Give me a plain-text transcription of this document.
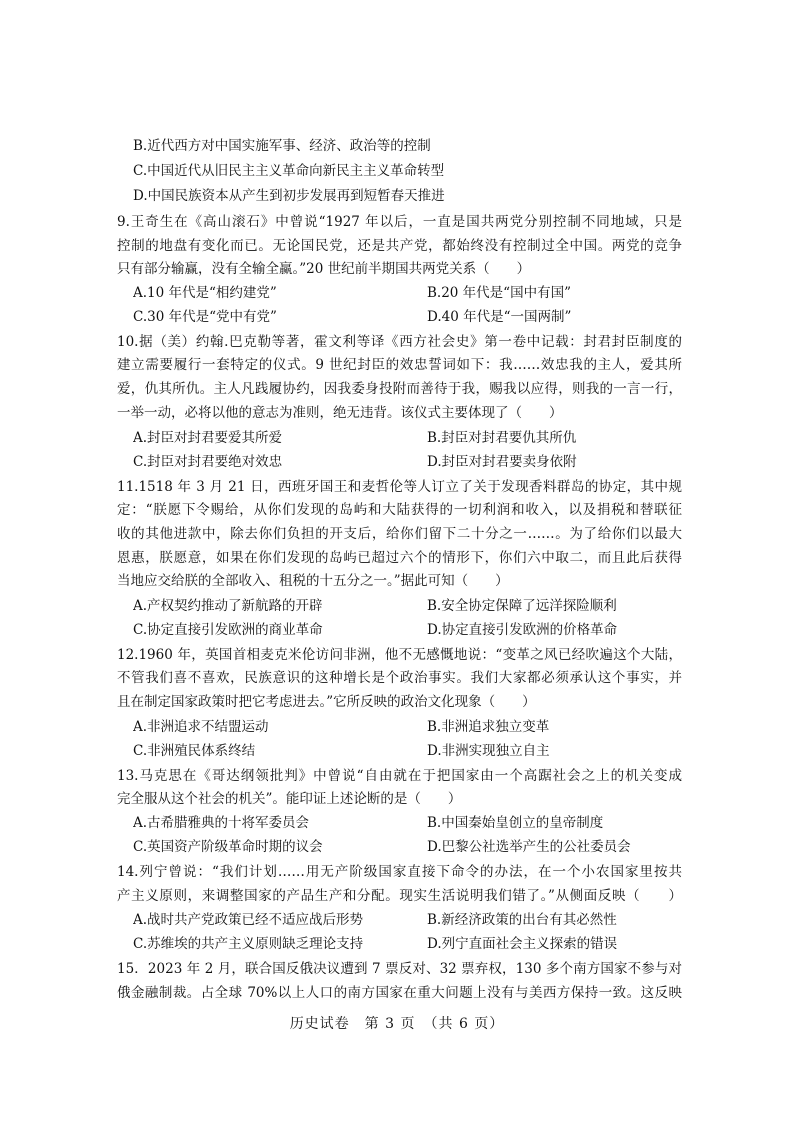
B.近代西方对中国实施军事、经济、政治等的控制
C.中国近代从旧民主主义革命向新民主主义革命转型
D.中国民族资本从产生到初步发展再到短暂春天推进
9.王奇生在《高山滚石》中曾说“1927 年以后，一直是国共两党分别控制不同地域，只是
控制的地盘有变化而已。无论国民党，还是共产党，都始终没有控制过全中国。两党的竞争
只有部分输赢，没有全输全赢。”20 世纪前半期国共两党关系（　　）
A.10 年代是“相约建党”	B.20 年代是“国中有国”
C.30 年代是“党中有党”	D.40 年代是“一国两制”
10.据（美）约翰.巴克勒等著，霍文利等译《西方社会史》第一卷中记载：封君封臣制度的
建立需要履行一套特定的仪式。9 世纪封臣的效忠誓词如下：我……效忠我的主人，爱其所
爱，仇其所仇。主人凡践履协约，因我委身投附而善待于我，赐我以应得，则我的一言一行，
一举一动，必将以他的意志为准则，绝无违背。该仪式主要体现了（　　）
A.封臣对封君要爱其所爱	B.封臣对封君要仇其所仇
C.封臣对封君要绝对效忠	D.封臣对封君要卖身依附
11.1518 年 3 月 21 日，西班牙国王和麦哲伦等人订立了关于发现香料群岛的协定，其中规
定：“朕愿下令赐给，从你们发现的岛屿和大陆获得的一切利润和收入，以及捐税和替联征
收的其他进款中，除去你们负担的开支后，给你们留下二十分之一……。为了给你们以最大
恩惠，朕愿意，如果在你们发现的岛屿已超过六个的情形下，你们六中取二，而且此后获得
当地应交给朕的全部收入、租税的十五分之一。”据此可知（　　）
A.产权契约推动了新航路的开辟	B.安全协定保障了远洋探险顺利
C.协定直接引发欧洲的商业革命	D.协定直接引发欧洲的价格革命
12.1960 年，英国首相麦克米伦访问非洲，他不无感慨地说：“变革之风已经吹遍这个大陆，
不管我们喜不喜欢，民族意识的这种增长是个政治事实。我们大家都必须承认这个事实，并
且在制定国家政策时把它考虑进去。”它所反映的政治文化现象（　　）
A.非洲追求不结盟运动	B.非洲追求独立变革
C.非洲殖民体系终结	D.非洲实现独立自主
13.马克思在《哥达纲领批判》中曾说“自由就在于把国家由一个高踞社会之上的机关变成
完全服从这个社会的机关”。能印证上述论断的是（　　）
A.古希腊雅典的十将军委员会	B.中国秦始皇创立的皇帝制度
C.英国资产阶级革命时期的议会	D.巴黎公社选举产生的公社委员会
14.列宁曾说：“我们计划……用无产阶级国家直接下命令的办法，在一个小农国家里按共
产主义原则，来调整国家的产品生产和分配。现实生活说明我们错了。”从侧面反映（　　）
A.战时共产党政策已经不适应战后形势	B.新经济政策的出台有其必然性
C.苏维埃的共产主义原则缺乏理论支持	D.列宁直面社会主义探索的错误
15．2023 年 2 月，联合国反俄决议遭到 7 票反对、32 票弃权，130 多个南方国家不参与对
俄金融制裁。占全球 70%以上人口的南方国家在重大问题上没有与美西方保持一致。这反映
历史试卷　第 3 页　（共 6 页）
